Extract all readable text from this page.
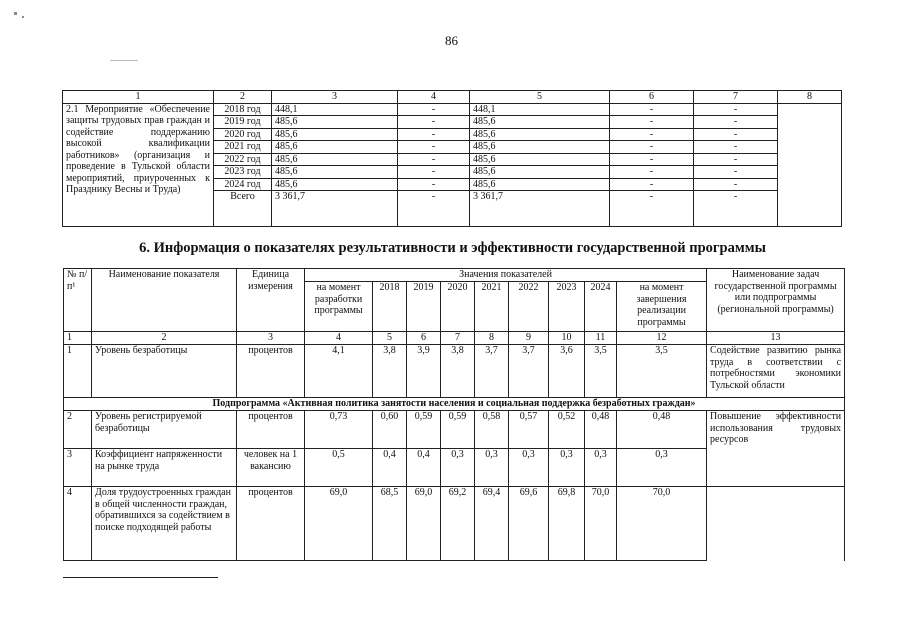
86
1	2	3	4	5	6	7	8
2.1 Мероприятие «Обеспечение защиты трудовых прав граждан и содействие поддержанию высокой квалификации работников» (организация и проведение в Тульской области мероприятий, приуроченных к Празднику Весны и Труда)	2018 год	448,1	-	448,1	-	-	
	2019 год	485,6	-	485,6	-	-	
	2020 год	485,6	-	485,6	-	-	
	2021 год	485,6	-	485,6	-	-	
	2022 год	485,6	-	485,6	-	-	
	2023 год	485,6	-	485,6	-	-	
	2024 год	485,6	-	485,6	-	-	
	Всего	3 361,7	-	3 361,7	-	-	
6. Информация о показателях результативности и эффективности государственной программы
№ п/п¹	Наименование показателя	Единица измерения	Значения показателей									Наименование задач государственной программы или подпрограммы (региональной программы)
			на момент разработки программы	2018	2019	2020	2021	2022	2023	2024	на момент завершения реализации программы	
1	2	3	4	5	6	7	8	9	10	11	12	13
1	Уровень безработицы	процентов	4,1	3,8	3,9	3,8	3,7	3,7	3,6	3,5	3,5	Содействие развитию рынка труда в соответствии с потребностями экономики Тульской области
Подпрограмма «Активная политика занятости населения и социальная поддержка безработных граждан»												
2	Уровень регистрируемой безработицы	процентов	0,73	0,60	0,59	0,59	0,58	0,57	0,52	0,48	0,48	Повышение эффективности использования трудовых ресурсов
3	Коэффициент напряженности на рынке труда	человек на 1 вакансию	0,5	0,4	0,4	0,3	0,3	0,3	0,3	0,3	0,3	
4	Доля трудоустроенных граждан в общей численности граждан, обратившихся за содействием в поиске подходящей работы	процентов	69,0	68,5	69,0	69,2	69,4	69,6	69,8	70,0	70,0	
